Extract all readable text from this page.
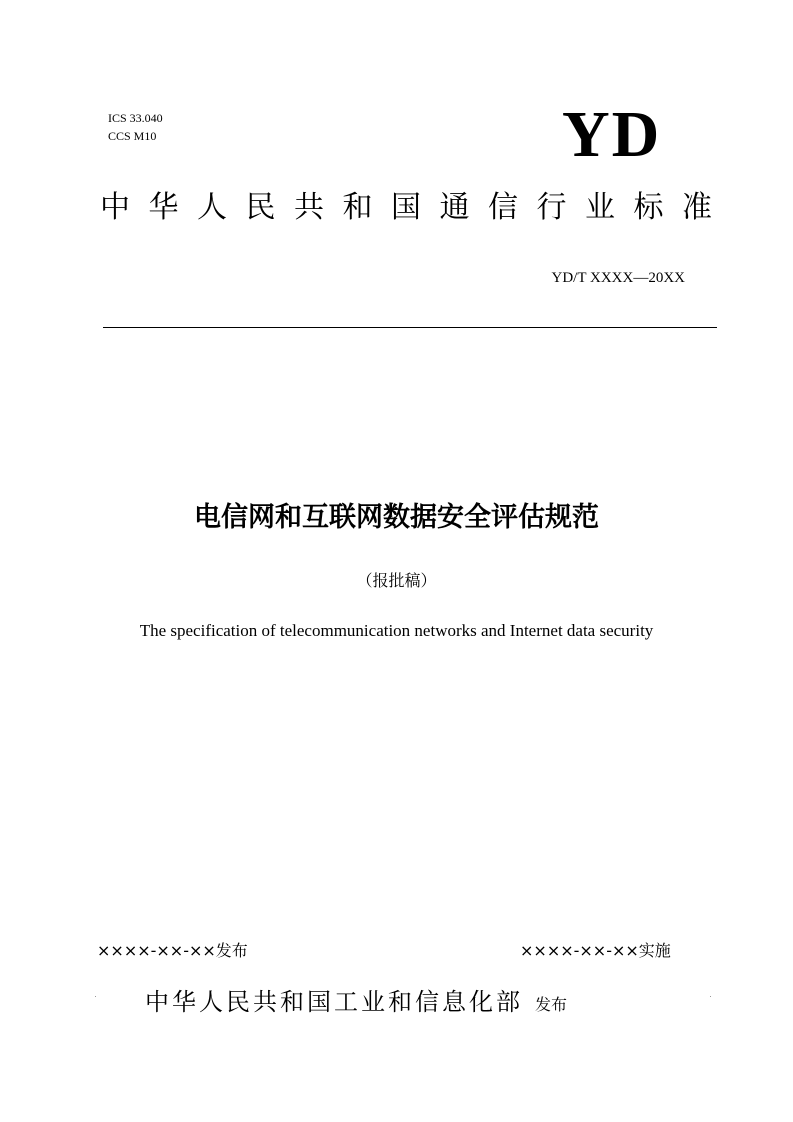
ICS 33.040
CCS M10	YD
中华人民共和国通信行业标准
YD/T XXXX—20XX
电信网和互联网数据安全评估规范
（报批稿）
The specification of telecommunication networks and Internet data security
××××-××-××发布	××××-××-××实施
中华人民共和国工业和信息化部 发布
